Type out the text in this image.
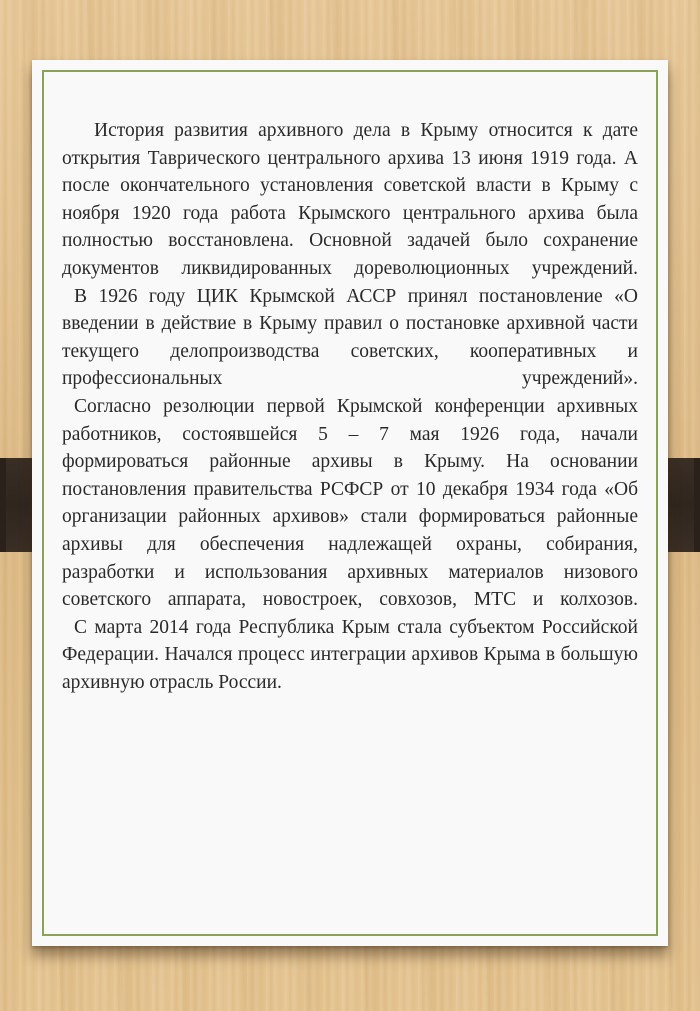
История развития архивного дела в Крыму относится к дате открытия Таврического центрального архива 13 июня 1919 года. А после окончательного установления советской власти в Крыму с ноября 1920 года работа Крымского центрального архива была полностью восстановлена. Основной задачей было сохранение документов ликвидированных дореволюционных учреждений.

В 1926 году ЦИК Крымской АССР принял постановление «О введении в действие в Крыму правил о постановке архивной части текущего делопроизводства советских, кооперативных и профессиональных учреждений».

Согласно резолюции первой Крымской конференции архивных работников, состоявшейся 5 – 7 мая 1926 года, начали формироваться районные архивы в Крыму. На основании постановления правительства РСФСР от 10 декабря 1934 года «Об организации районных архивов» стали формироваться районные архивы для обеспечения надлежащей охраны, собирания, разработки и использования архивных материалов низового советского аппарата, новостроек, совхозов, МТС и колхозов.

С марта 2014 года Республика Крым стала субъектом Российской Федерации. Начался процесс интеграции архивов Крыма в большую архивную отрасль России.
